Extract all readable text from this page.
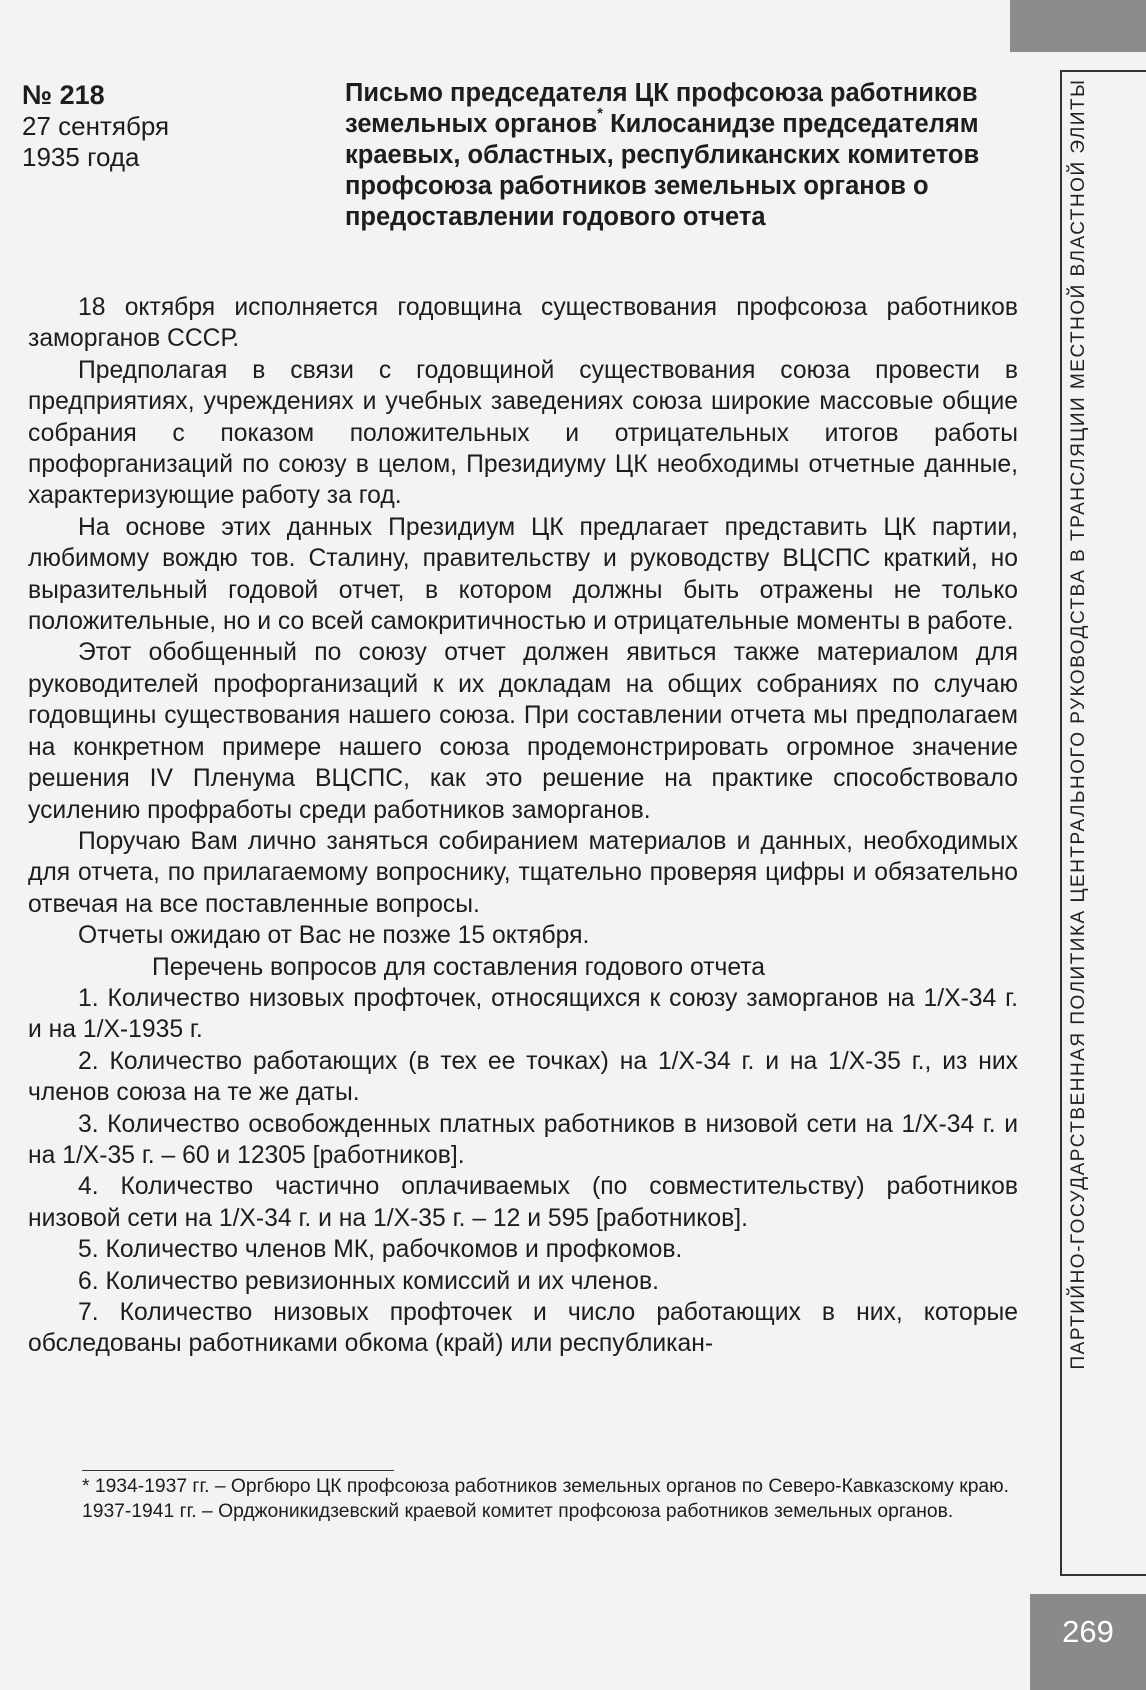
ПАРТИЙНО-ГОСУДАРСТВЕННАЯ ПОЛИТИКА ЦЕНТРАЛЬНОГО РУКОВОДСТВА В ТРАНСЛЯЦИИ МЕСТНОЙ ВЛАСТНОЙ ЭЛИТЫ
№ 218
27 сентября
1935 года
Письмо председателя ЦК профсоюза работников земельных органов* Килосанидзе председателям краевых, областных, республиканских комитетов профсоюза работников земельных органов о предоставлении годового отчета

18 октября исполняется годовщина существования профсоюза работников заморганов СССР.

Предполагая в связи с годовщиной существования союза провести в предприятиях, учреждениях и учебных заведениях союза широкие массовые общие собрания с показом положительных и отрицательных итогов работы профорганизаций по союзу в целом, Президиуму ЦК необходимы отчетные данные, характеризующие работу за год.

На основе этих данных Президиум ЦК предлагает представить ЦК партии, любимому вождю тов. Сталину, правительству и руководству ВЦСПС краткий, но выразительный годовой отчет, в котором должны быть отражены не только положительные, но и со всей самокритичностью и отрицательные моменты в работе.

Этот обобщенный по союзу отчет должен явиться также материалом для руководителей профорганизаций к их докладам на общих собраниях по случаю годовщины существования нашего союза. При составлении отчета мы предполагаем на конкретном примере нашего союза продемонстрировать огромное значение решения IV Пленума ВЦСПС, как это решение на практике способствовало усилению профработы среди работников заморганов.

Поручаю Вам лично заняться собиранием материалов и данных, необходимых для отчета, по прилагаемому вопроснику, тщательно проверяя цифры и обязательно отвечая на все поставленные вопросы.

Отчеты ожидаю от Вас не позже 15 октября.

Перечень вопросов для составления годового отчета

1. Количество низовых профточек, относящихся к союзу заморганов на 1/Х-34 г. и на 1/Х-1935 г.

2. Количество работающих (в тех ее точках) на 1/Х-34 г. и на 1/Х-35 г., из них членов союза на те же даты.

3. Количество освобожденных платных работников в низовой сети на 1/Х-34 г. и на 1/Х-35 г. – 60 и 12305 [работников].

4. Количество частично оплачиваемых (по совместительству) работников низовой сети на 1/Х-34 г. и на 1/Х-35 г. – 12 и 595 [работников].

5. Количество членов МК, рабочкомов и профкомов.

6. Количество ревизионных комиссий и их членов.

7. Количество низовых профточек и число работающих в них, которые обследованы работниками обкома (край) или республикан-

* 1934-1937 гг. – Оргбюро ЦК профсоюза работников земельных органов по Северо-Кавказскому краю.

1937-1941 гг. – Орджоникидзевский краевой комитет профсоюза работников земельных органов.

269
